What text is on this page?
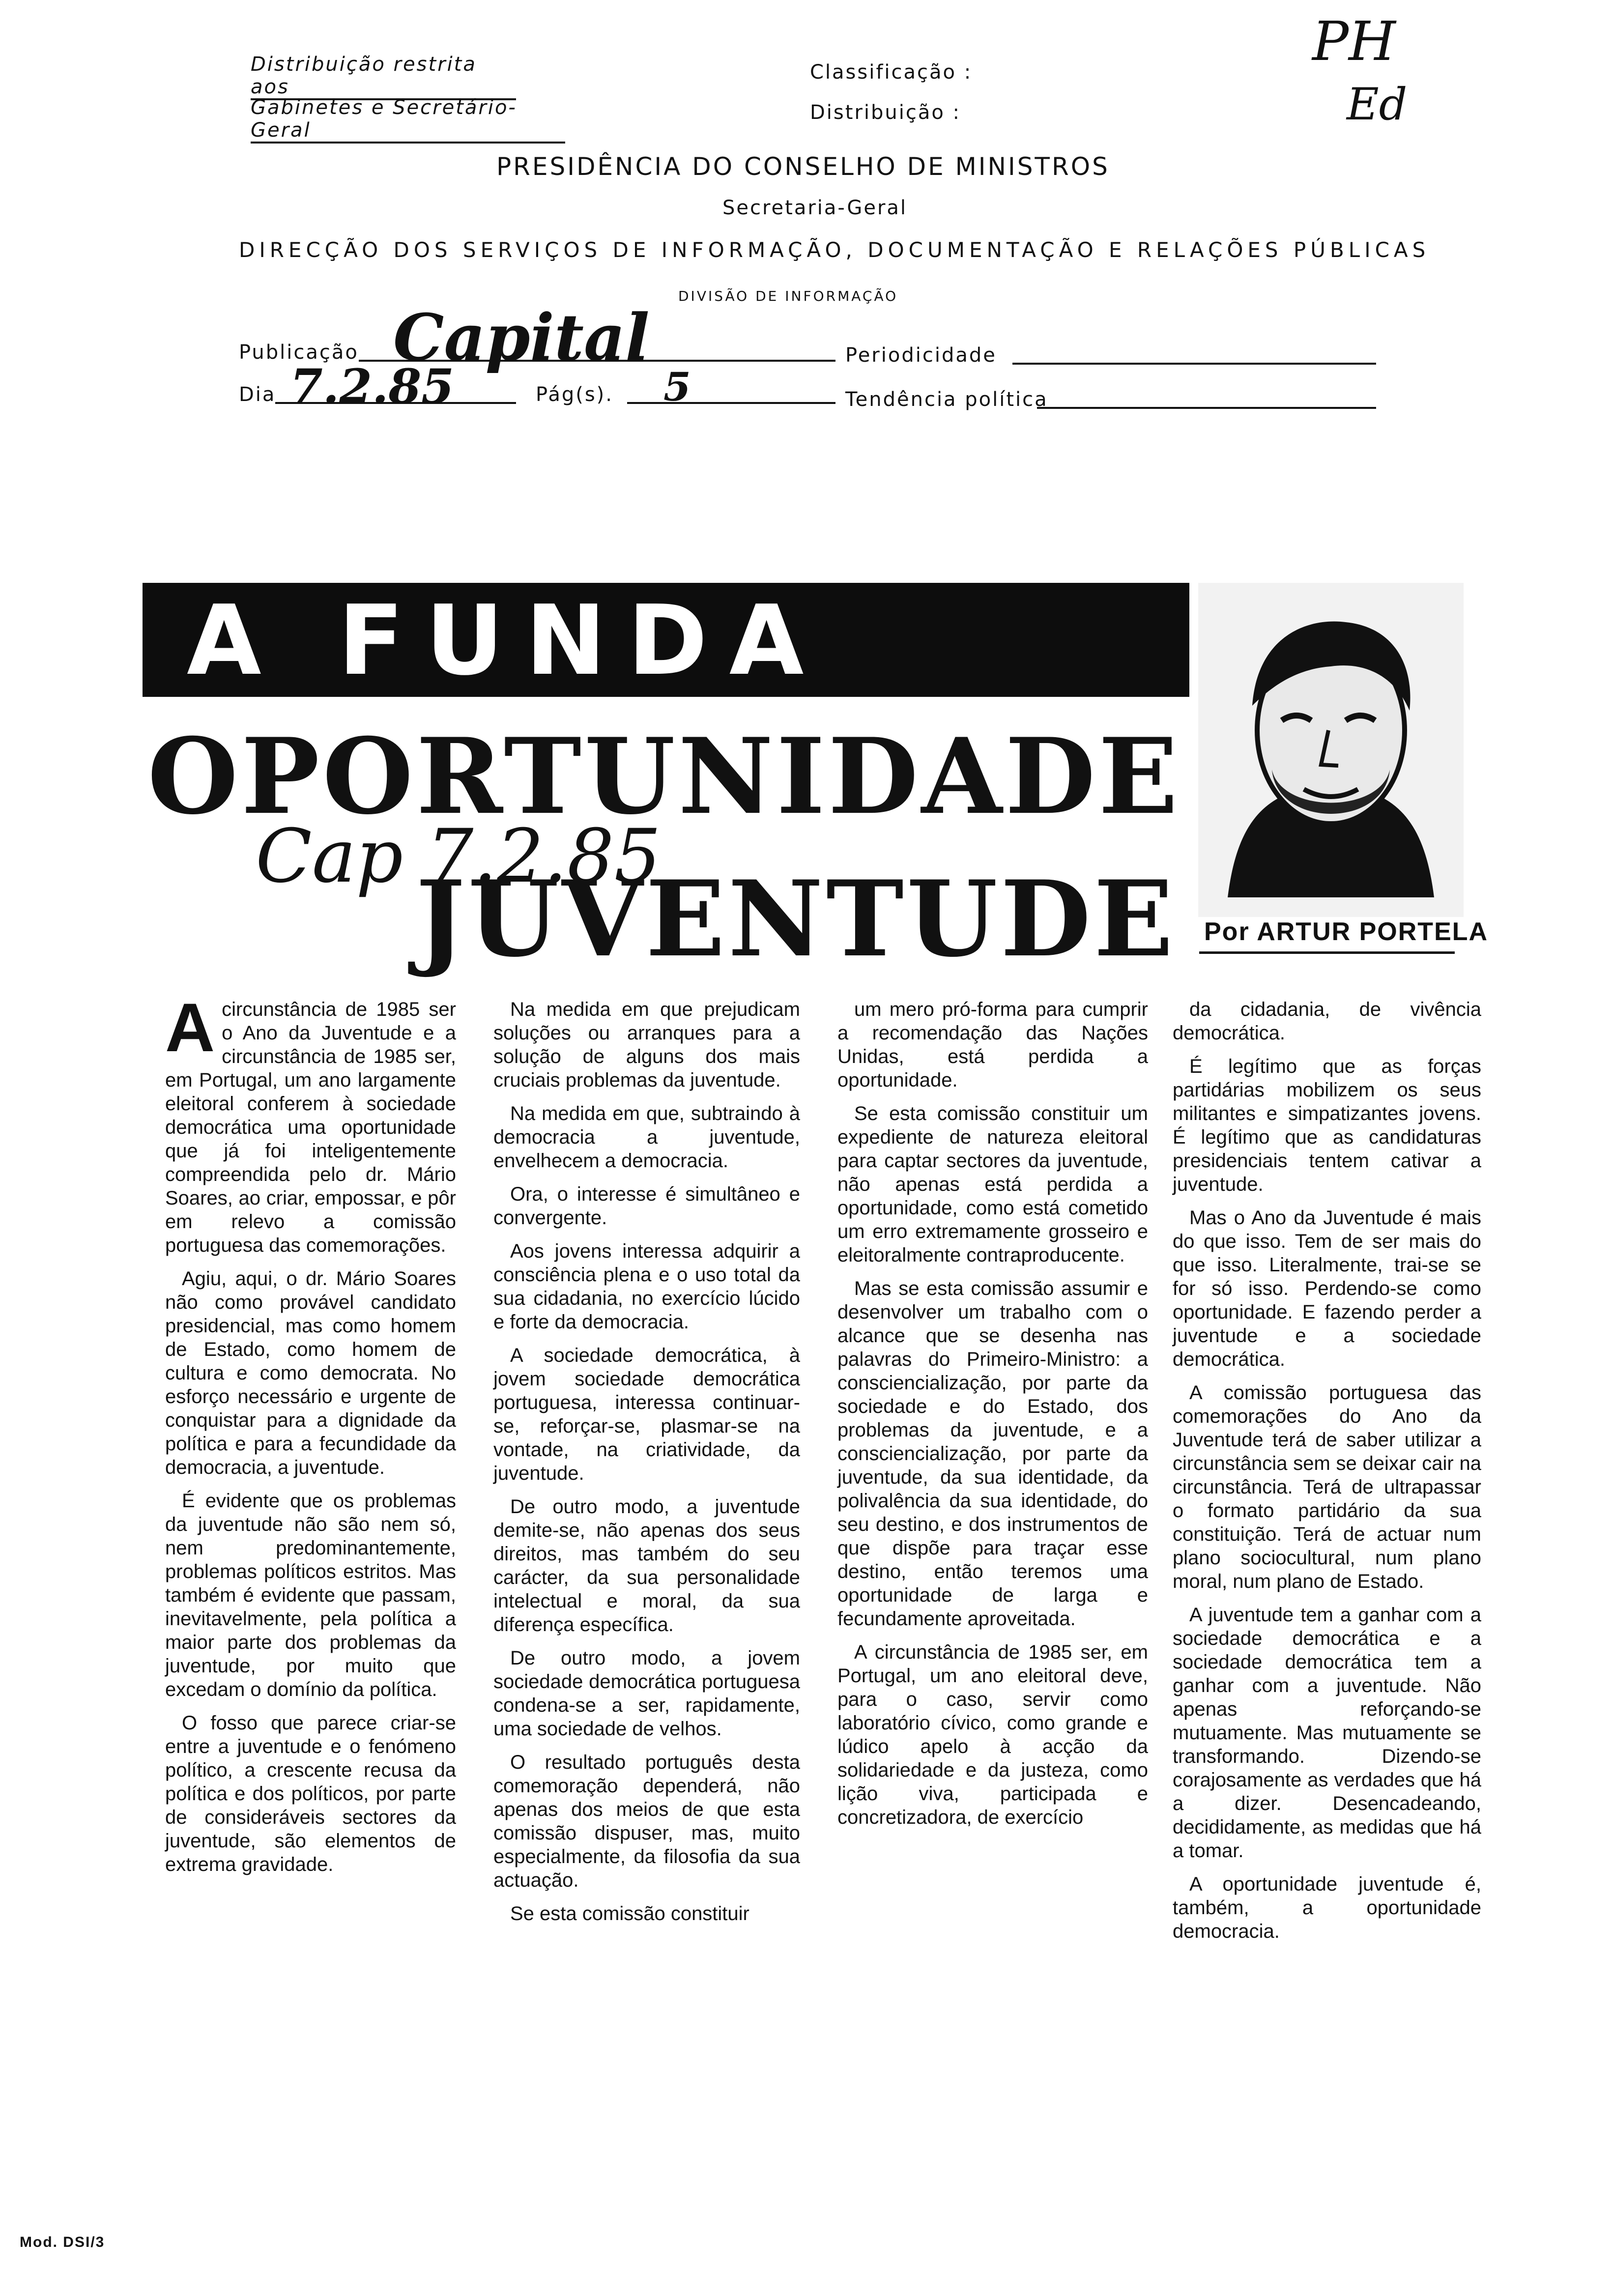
Distribuição restrita aos
Gabinetes e Secretário-Geral
Classificação :
Distribuição :
PH
Ed
PRESIDÊNCIA DO CONSELHO DE MINISTROS
Secretaria-Geral
DIRECÇÃO DOS SERVIÇOS DE INFORMAÇÃO, DOCUMENTAÇÃO E RELAÇÕES PÚBLICAS
DIVISÃO DE INFORMAÇÃO
Publicação Capital	Periodicidade
Dia 7.2.85	Pág(s). 5	Tendência política
A FUNDA
OPORTUNIDADE
Cap 7.2.85
JUVENTUDE Por ARTUR PORTELA

Acircunstância de 1985 ser o Ano da Juventude e a circunstância de 1985 ser, em Portugal, um ano largamente eleitoral conferem à sociedade democrática uma oportunidade que já foi inteligentemente compreendida pelo dr. Mário Soares, ao criar, empossar, e pôr em relevo a comissão portuguesa das comemorações.

Agiu, aqui, o dr. Mário Soares não como provável candidato presidencial, mas como homem de Estado, como homem de cultura e como democrata. No esforço necessário e urgente de conquistar para a dignidade da política e para a fecundidade da democracia, a juventude.

É evidente que os problemas da juventude não são nem só, nem predominantemente, problemas políticos estritos. Mas também é evidente que passam, inevitavelmente, pela política a maior parte dos problemas da juventude, por muito que excedam o domínio da política.

O fosso que parece criar-se entre a juventude e o fenómeno político, a crescente recusa da política e dos políticos, por parte de consideráveis sectores da juventude, são elementos de extrema gravidade.

Na medida em que prejudicam soluções ou arranques para a solução de alguns dos mais cruciais problemas da juventude.

Na medida em que, subtraindo à democracia a juventude, envelhecem a democracia.

Ora, o interesse é simultâneo e convergente.

Aos jovens interessa adquirir a consciência plena e o uso total da sua cidadania, no exercício lúcido e forte da democracia.

A sociedade democrática, à jovem sociedade democrática portuguesa, interessa continuar-se, reforçar-se, plasmar-se na vontade, na criatividade, da juventude.

De outro modo, a juventude demite-se, não apenas dos seus direitos, mas também do seu carácter, da sua personalidade intelectual e moral, da sua diferença específica.

De outro modo, a jovem sociedade democrática portuguesa condena-se a ser, rapidamente, uma sociedade de velhos.

O resultado português desta comemoração dependerá, não apenas dos meios de que esta comissão dispuser, mas, muito especialmente, da filosofia da sua actuação.

Se esta comissão constituir

um mero pró-forma para cumprir a recomendação das Nações Unidas, está perdida a oportunidade.

Se esta comissão constituir um expediente de natureza eleitoral para captar sectores da juventude, não apenas está perdida a oportunidade, como está cometido um erro extremamente grosseiro e eleitoralmente contraproducente.

Mas se esta comissão assumir e desenvolver um trabalho com o alcance que se desenha nas palavras do Primeiro-Ministro: a consciencialização, por parte da sociedade e do Estado, dos problemas da juventude, e a consciencialização, por parte da juventude, da sua identidade, da polivalência da sua identidade, do seu destino, e dos instrumentos de que dispõe para traçar esse destino, então teremos uma oportunidade de larga e fecundamente aproveitada.

A circunstância de 1985 ser, em Portugal, um ano eleitoral deve, para o caso, servir como laboratório cívico, como grande e lúdico apelo à acção da solidariedade e da justeza, como lição viva, participada e concretizadora, de exercício

da cidadania, de vivência democrática.

É legítimo que as forças partidárias mobilizem os seus militantes e simpatizantes jovens. É legítimo que as candidaturas presidenciais tentem cativar a juventude.

Mas o Ano da Juventude é mais do que isso. Tem de ser mais do que isso. Literalmente, trai-se se for só isso. Perdendo-se como oportunidade. E fazendo perder a juventude e a sociedade democrática.

A comissão portuguesa das comemorações do Ano da Juventude terá de saber utilizar a circunstância sem se deixar cair na circunstância. Terá de ultrapassar o formato partidário da sua constituição. Terá de actuar num plano sociocultural, num plano moral, num plano de Estado.

A juventude tem a ganhar com a sociedade democrática e a sociedade democrática tem a ganhar com a juventude. Não apenas reforçando-se mutuamente. Mas mutuamente se transformando. Dizendo-se corajosamente as verdades que há a dizer. Desencadeando, decididamente, as medidas que há a tomar.

A oportunidade juventude é, também, a oportunidade democracia.

Mod. DSI/3
